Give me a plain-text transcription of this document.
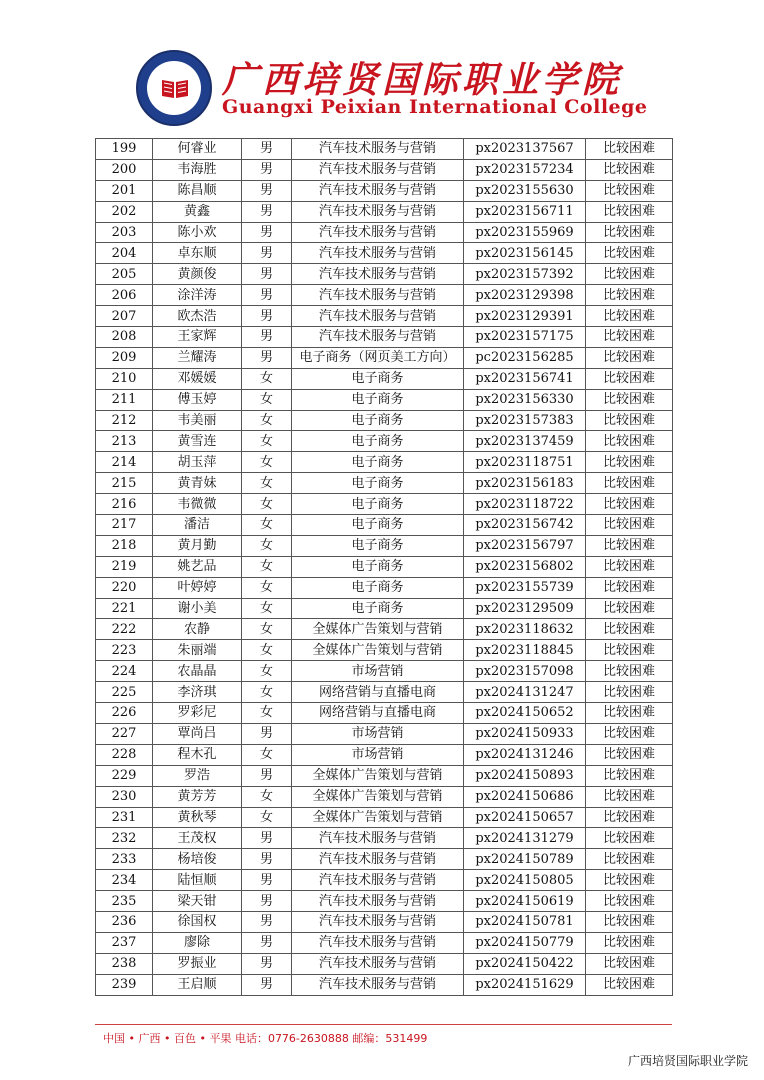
广西培贤国际职业学院
Guangxi Peixian International College
199	何睿业	男	汽车技术服务与营销	px2023137567	比较困难
200	韦海胜	男	汽车技术服务与营销	px2023157234	比较困难
201	陈昌顺	男	汽车技术服务与营销	px2023155630	比较困难
202	黄鑫	男	汽车技术服务与营销	px2023156711	比较困难
203	陈小欢	男	汽车技术服务与营销	px2023155969	比较困难
204	卓东顺	男	汽车技术服务与营销	px2023156145	比较困难
205	黄颜俊	男	汽车技术服务与营销	px2023157392	比较困难
206	涂洋涛	男	汽车技术服务与营销	px2023129398	比较困难
207	欧杰浩	男	汽车技术服务与营销	px2023129391	比较困难
208	王家辉	男	汽车技术服务与营销	px2023157175	比较困难
209	兰耀涛	男	电子商务（网页美工方向）	pc2023156285	比较困难
210	邓媛媛	女	电子商务	px2023156741	比较困难
211	傅玉婷	女	电子商务	px2023156330	比较困难
212	韦美丽	女	电子商务	px2023157383	比较困难
213	黄雪连	女	电子商务	px2023137459	比较困难
214	胡玉萍	女	电子商务	px2023118751	比较困难
215	黄青妹	女	电子商务	px2023156183	比较困难
216	韦微微	女	电子商务	px2023118722	比较困难
217	潘洁	女	电子商务	px2023156742	比较困难
218	黄月勤	女	电子商务	px2023156797	比较困难
219	姚艺品	女	电子商务	px2023156802	比较困难
220	叶婷婷	女	电子商务	px2023155739	比较困难
221	谢小美	女	电子商务	px2023129509	比较困难
222	农静	女	全媒体广告策划与营销	px2023118632	比较困难
223	朱丽端	女	全媒体广告策划与营销	px2023118845	比较困难
224	农晶晶	女	市场营销	px2023157098	比较困难
225	李济琪	女	网络营销与直播电商	px2024131247	比较困难
226	罗彩尼	女	网络营销与直播电商	px2024150652	比较困难
227	覃尚吕	男	市场营销	px2024150933	比较困难
228	程木孔	女	市场营销	px2024131246	比较困难
229	罗浩	男	全媒体广告策划与营销	px2024150893	比较困难
230	黄芳芳	女	全媒体广告策划与营销	px2024150686	比较困难
231	黄秋琴	女	全媒体广告策划与营销	px2024150657	比较困难
232	王茂权	男	汽车技术服务与营销	px2024131279	比较困难
233	杨培俊	男	汽车技术服务与营销	px2024150789	比较困难
234	陆恒顺	男	汽车技术服务与营销	px2024150805	比较困难
235	梁天钳	男	汽车技术服务与营销	px2024150619	比较困难
236	徐国权	男	汽车技术服务与营销	px2024150781	比较困难
237	廖除	男	汽车技术服务与营销	px2024150779	比较困难
238	罗振业	男	汽车技术服务与营销	px2024150422	比较困难
239	王启顺	男	汽车技术服务与营销	px2024151629	比较困难
中国 • 广西 • 百色 • 平果 电话：0776-2630888 邮编：531499
广西培贤国际职业学院
